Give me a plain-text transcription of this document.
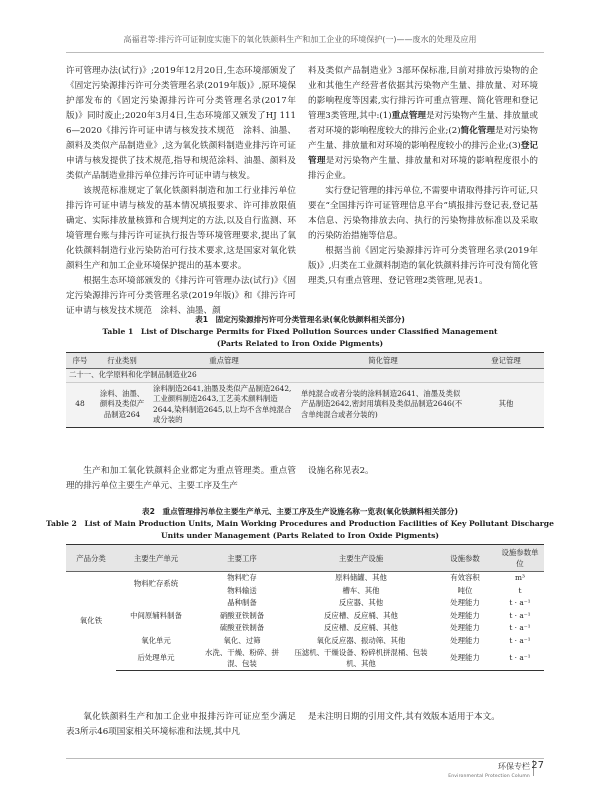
高福君等:排污许可证制度实施下的氧化铁颜料生产和加工企业的环境保护(一)——废水的处理及应用

许可管理办法(试行)》;2019年12月20日,生态环境部颁发了《固定污染源排污许可分类管理名录(2019年版)》,原环境保护部发布的《固定污染源排污许可分类管理名录(2017年版)》同时废止;2020年3月4日,生态环境部又颁发了HJ 1116—2020《排污许可证申请与核发技术规范　涂料、油墨、颜料及类似产品制造业》,这为氧化铁颜料制造业排污许可证申请与核发提供了技术规范,指导和规范涂料、油墨、颜料及类似产品制造业排污单位排污许可证申请与核发。

该规范标准规定了氧化铁颜料制造和加工行业排污单位排污许可证申请与核发的基本情况填报要求、许可排放限值确定、实际排放量核算和合规判定的方法,以及自行监测、环境管理台账与排污许可证执行报告等环境管理要求,提出了氧化铁颜料制造行业污染防治可行技术要求,这是国家对氧化铁颜料生产和加工企业环境保护提出的基本要求。

根据生态环境部颁发的《排污许可管理办法(试行)》《固定污染源排污许可分类管理名录(2019年版)》和《排污许可证申请与核发技术规范　涂料、油墨、颜

料及类似产品制造业》3部环保标准,目前对排放污染物的企业和其他生产经营者依据其污染物产生量、排放量、对环境的影响程度等因素,实行排污许可重点管理、简化管理和登记管理3类管理,其中:(1)重点管理是对污染物产生量、排放量或者对环境的影响程度较大的排污企业;(2)简化管理是对污染物产生量、排放量和对环境的影响程度较小的排污企业;(3)登记管理是对污染物产生量、排放量和对环境的影响程度很小的排污企业。

实行登记管理的排污单位,不需要申请取得排污许可证,只要在“全国排污许可证管理信息平台”填报排污登记表,登记基本信息、污染物排放去向、执行的污染物排放标准以及采取的污染防治措施等信息。

根据当前《固定污染源排污许可分类管理名录(2019年版)》,归类在工业颜料制造的氧化铁颜料排污许可没有简化管理类,只有重点管理、登记管理2类管理,见表1。

表1　固定污染源排污许可分类管理名录(氧化铁颜料相关部分)
Table 1　List of Discharge Permits for Fixed Pollution Sources under Classified Management
(Parts Related to Iron Oxide Pigments)
序号	行业类别	重点管理	简化管理	登记管理
二十一、化学原料和化学制品制造业26				
48	涂料、油墨、颜料及类似产品制造264	涂料制造2641,油墨及类似产品制造2642,工业颜料制造2643,工艺美术颜料制造2644,染料制造2645,以上均不含单纯混合或分装的	单纯混合或者分装的涂料制造2641、油墨及类似产品制造2642,密封用填料及类似品制造2646(不含单纯混合或者分装的)	其他

生产和加工氧化铁颜料企业都定为重点管理类。重点管理的排污单位主要生产单元、主要工序及生产

设施名称见表2。

表2　重点管理排污单位主要生产单元、主要工序及生产设施名称一览表(氧化铁颜料相关部分)
Table 2　List of Main Production Units, Main Working Procedures and Production Facilities of Key Pollutant Discharge
Units under Management (Parts Related to Iron Oxide Pigments)
产品分类	主要生产单元	主要工序	主要生产设施	设施参数	设施参数单位
氧化铁	物料贮存系统	物料贮存	原料储罐、其他	有效容积	m³
		物料输送	槽车、其他	吨位	t
	中间原辅料制备	晶种制备	反应器、其他	处理能力	t · a⁻¹
		硝酸亚铁制备	反应槽、反应桶、其他	处理能力	t · a⁻¹
		硫酸亚铁制备	反应槽、反应桶、其他	处理能力	t · a⁻¹
	氧化单元	氧化、过筛	氧化反应器、振动筛、其他	处理能力	t · a⁻¹
	后处理单元	水洗、干燥、粉碎、拼混、包装	压滤机、干燥设备、粉碎机拼混桶、包装机、其他	处理能力	t · a⁻¹

氧化铁颜料生产和加工企业申报排污许可证应至少满足表3所示46项国家相关环境标准和法规,其中凡

是未注明日期的引用文件,其有效版本适用于本文。

环保专栏
Environmental Protection Column
27
